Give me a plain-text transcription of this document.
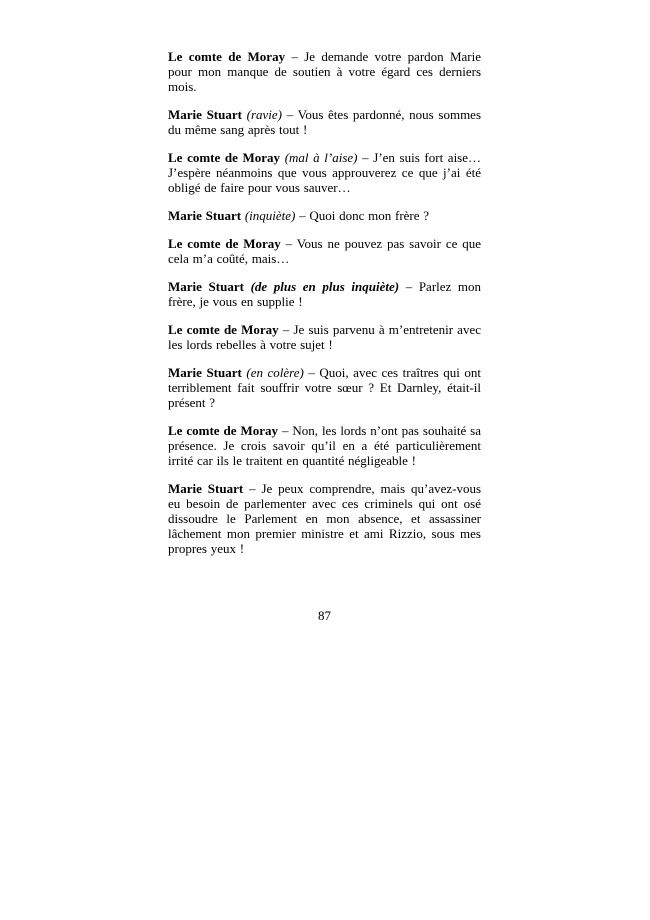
Le comte de Moray – Je demande votre pardon Marie pour mon manque de soutien à votre égard ces derniers mois.

Marie Stuart (ravie) – Vous êtes pardonné, nous sommes du même sang après tout !

Le comte de Moray (mal à l’aise) – J’en suis fort aise… J’espère néanmoins que vous approuverez ce que j’ai été obligé de faire pour vous sauver…

Marie Stuart (inquiète) – Quoi donc mon frère ?

Le comte de Moray – Vous ne pouvez pas savoir ce que cela m’a coûté, mais…

Marie Stuart (de plus en plus inquiète) – Parlez mon frère, je vous en supplie !

Le comte de Moray – Je suis parvenu à m’entretenir avec les lords rebelles à votre sujet !

Marie Stuart (en colère) – Quoi, avec ces traîtres qui ont terriblement fait souffrir votre sœur ? Et Darnley, était-il présent ?

Le comte de Moray – Non, les lords n’ont pas souhaité sa présence. Je crois savoir qu’il en a été particulièrement irrité car ils le traitent en quantité négligeable !

Marie Stuart – Je peux comprendre, mais qu’avez-vous eu besoin de parlementer avec ces criminels qui ont osé dissoudre le Parlement en mon absence, et assassiner lâchement mon premier ministre et ami Rizzio, sous mes propres yeux !

87
